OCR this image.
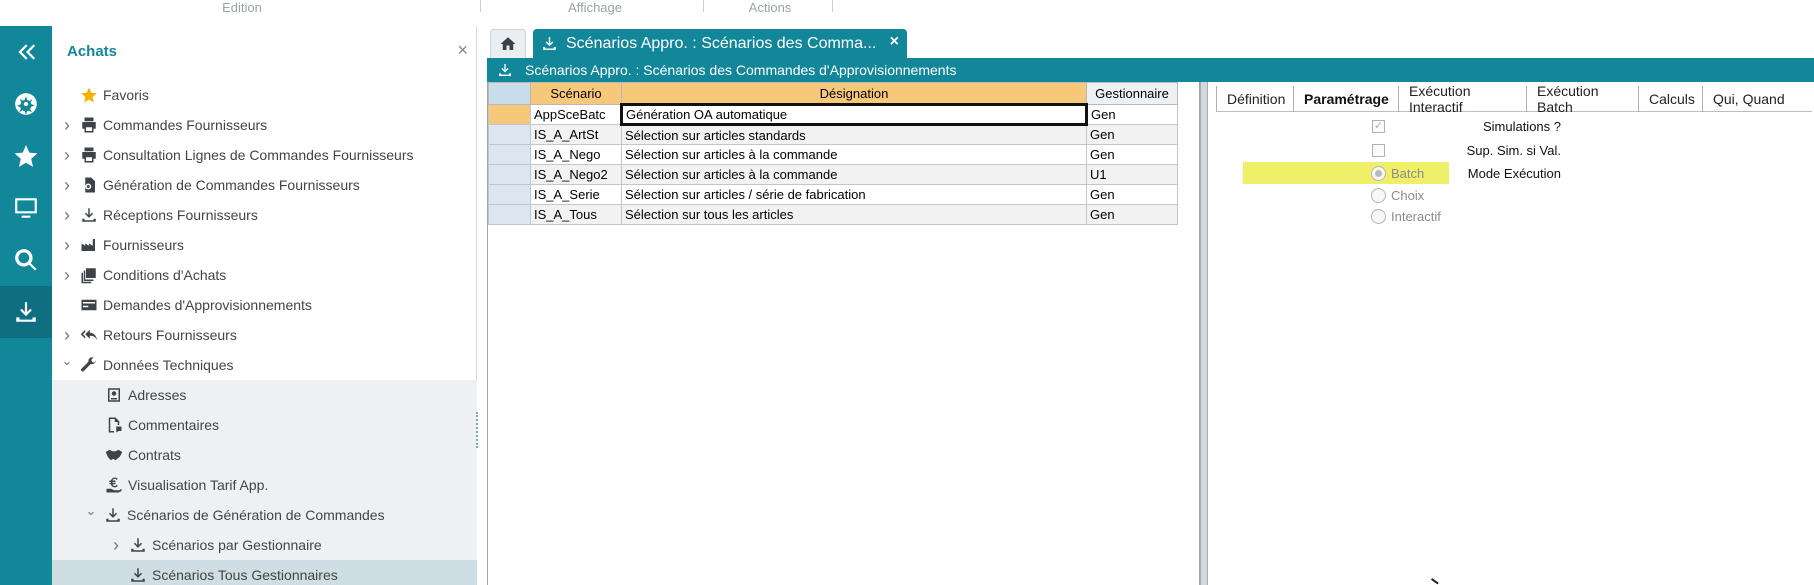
Edition	Affichage	Actions
Achats	×
Favoris
› Commandes Fournisseurs
› Consultation Lignes de Commandes Fournisseurs
› Génération de Commandes Fournisseurs
› Réceptions Fournisseurs
› Fournisseurs
› Conditions d'Achats
Demandes d'Approvisionnements
› Retours Fournisseurs
⌄ Données Techniques
Adresses
Commentaires
Contrats
Visualisation Tarif App.
⌄ Scénarios de Génération de Commandes
› Scénarios par Gestionnaire
Scénarios Tous Gestionnaires
Scénarios Appro. : Scénarios des Comma... ×
Scénarios Appro. : Scénarios des Commandes d'Approvisionnements
	Scénario	Désignation	Gestionnaire
	AppSceBatc	Génération OA automatique	Gen
	IS_A_ArtSt	Sélection sur articles standards	Gen
	IS_A_Nego	Sélection sur articles à la commande	Gen
	IS_A_Nego2	Sélection sur articles à la commande	U1
	IS_A_Serie	Sélection sur articles / série de fabrication	Gen
	IS_A_Tous	Sélection sur tous les articles	Gen
Définition	Paramétrage	Exécution Interactif
Exécution Batch	Calculs	Qui, Quand
Simulations ?
✓
Sup. Sim. si Val.
Mode Exécution
Batch
Choix
Interactif
